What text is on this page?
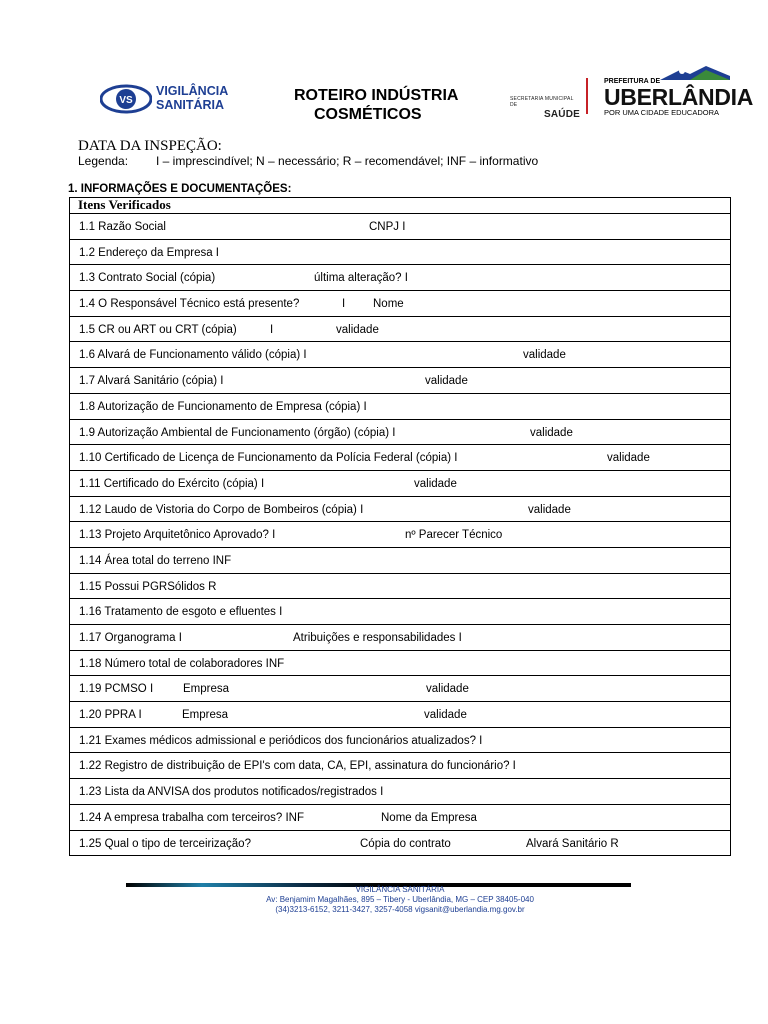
VS
VIGILÂNCIA
SANITÁRIA
ROTEIRO INDÚSTRIA
COSMÉTICOS
SECRETARIA MUNICIPAL DE
SAÚDE
PREFEITURA DE
UBERLÂNDIA
POR UMA CIDADE EDUCADORA
DATA DA INSPEÇÃO:
Legenda: I – imprescindível; N – necessário; R – recomendável; INF – informativo
1. INFORMAÇÕES E DOCUMENTAÇÕES:
Itens Verificados
1.1 Razão Social	CNPJ I
1.2 Endereço da Empresa I
1.3 Contrato Social (cópia)	última alteração? I
1.4 O Responsável Técnico está presente?	I Nome
1.5 CR ou ART ou CRT (cópia)	I	validade
1.6 Alvará de Funcionamento válido (cópia) I	validade
1.7 Alvará Sanitário (cópia) I	validade
1.8 Autorização de Funcionamento de Empresa (cópia) I
1.9 Autorização Ambiental de Funcionamento (órgão) (cópia) I	validade
1.10 Certificado de Licença de Funcionamento da Polícia Federal (cópia) I	validade
1.11 Certificado do Exército (cópia) I	validade
1.12 Laudo de Vistoria do Corpo de Bombeiros (cópia) I	validade
1.13 Projeto Arquitetônico Aprovado? I	nº Parecer Técnico
1.14 Área total do terreno INF
1.15 Possui PGRSólidos R
1.16 Tratamento de esgoto e efluentes I
1.17 Organograma I	Atribuições e responsabilidades I
1.18 Número total de colaboradores INF
1.19 PCMSO I	Empresa	validade
1.20 PPRA I	Empresa	validade
1.21 Exames médicos admissional e periódicos dos funcionários atualizados? I
1.22 Registro de distribuição de EPI's com data, CA, EPI, assinatura do funcionário? I
1.23 Lista da ANVISA dos produtos notificados/registrados I
1.24 A empresa trabalha com terceiros? INF	Nome da Empresa
1.25 Qual o tipo de terceirização?	Cópia do contrato	Alvará Sanitário R
VIGILÂNCIA SANITÁRIA
Av: Benjamim Magalhães, 895 – Tibery - Uberlândia, MG – CEP 38405-040
(34)3213-6152, 3211-3427, 3257-4058 vigsanit@uberlandia.mg.gov.br
